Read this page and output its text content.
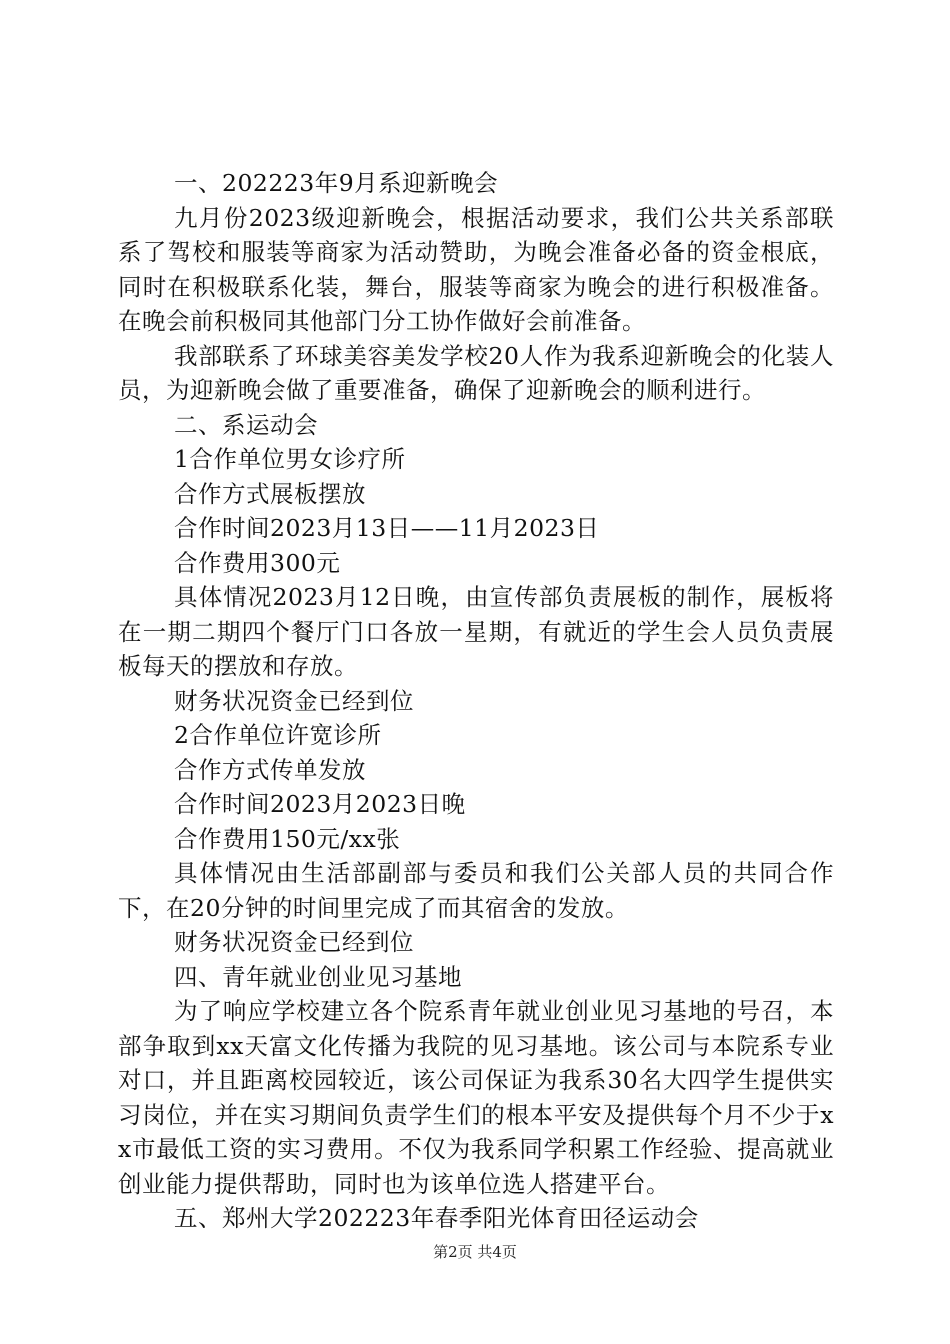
一、202223年9月系迎新晚会

九月份2023级迎新晚会，根据活动要求，我们公共关系部联系了驾校和服装等商家为活动赞助，为晚会准备必备的资金根底，同时在积极联系化装，舞台，服装等商家为晚会的进行积极准备。在晚会前积极同其他部门分工协作做好会前准备。

我部联系了环球美容美发学校20人作为我系迎新晚会的化装人员，为迎新晚会做了重要准备，确保了迎新晚会的顺利进行。

二、系运动会

1合作单位男女诊疗所

合作方式展板摆放

合作时间2023月13日——11月2023日

合作费用300元

具体情况2023月12日晚，由宣传部负责展板的制作，展板将在一期二期四个餐厅门口各放一星期，有就近的学生会人员负责展板每天的摆放和存放。

财务状况资金已经到位

2合作单位许宽诊所

合作方式传单发放

合作时间2023月2023日晚

合作费用150元/xx张

具体情况由生活部副部与委员和我们公关部人员的共同合作下，在20分钟的时间里完成了而其宿舍的发放。

财务状况资金已经到位

四、青年就业创业见习基地

为了响应学校建立各个院系青年就业创业见习基地的号召，本部争取到xx天富文化传播为我院的见习基地。该公司与本院系专业对口，并且距离校园较近，该公司保证为我系30名大四学生提供实习岗位，并在实习期间负责学生们的根本平安及提供每个月不少于xx市最低工资的实习费用。不仅为我系同学积累工作经验、提高就业创业能力提供帮助，同时也为该单位选人搭建平台。

五、郑州大学202223年春季阳光体育田径运动会

第2页 共4页
